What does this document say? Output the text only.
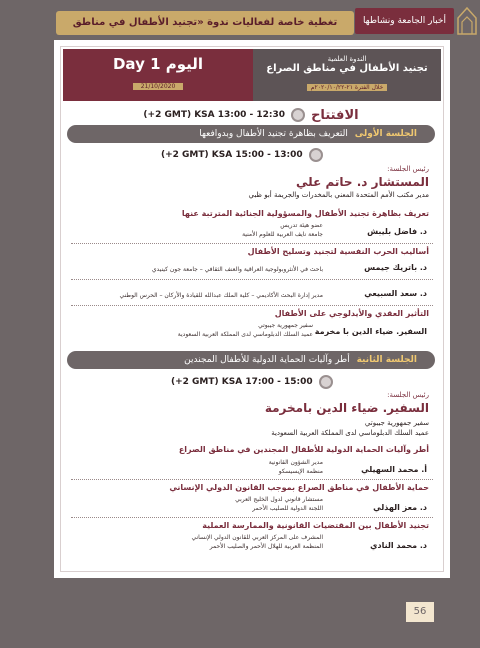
أخبار الجامعة ونشاطها
تغطية خاصة لفعاليات ندوة «تجنيد الأطفال في مناطق
الندوة العلمية
تجنيد الأطفال في مناطق الصراع
خلال الفترة ٢١-٢٠٢٠/١٠/٢٢م
اليوم Day 1
21/10/2020
الافتتاح
(+2 GMT) KSA 13:00 - 12:30
الجلسة الأولى التعريف بظاهرة تجنيد الأطفال وبدوافعها
(+2 GMT) KSA 15:00 - 13:00
رئيس الجلسة:
المستشار د. حاتم علي
مدير مكتب الأمم المتحدة المعني بالمخدرات والجريمة أبو ظبي
تعريف بظاهرة تجنيد الأطفال والمسؤولية الجنائية المترتبة عنها
د. فاضل بليبش
عضو هيئة تدريس
جامعة نايف العربية للعلوم الأمنية
أساليب الحرب النفسية لتجنيد وتسليح الأطفال
د. باتريك جيمس
باحث في الأنثروبولوجية العراقية والعنف الثقافي – جامعة جون كينيدي
د. سعد السبيعي
مدير إدارة البحث الأكاديمي – كلية الملك عبدالله للقيادة والأركان – الحرس الوطني
التأثير العقدي والأيدلوجي على الأطفال
السفير. ضياء الدين با مخرمة
سفير جمهورية جيبوتي
عميد السلك الدبلوماسي لدى المملكة العربية السعودية
الجلسة الثانية أطر وآليات الحماية الدولية للأطفال المجندين
(+2 GMT) KSA 17:00 - 15:00
رئيس الجلسة:
السفير. ضياء الدين بامخرمة
سفير جمهورية جيبوتي
عميد السلك الدبلوماسي لدى المملكة العربية السعودية
أطر وآليات الحماية الدولية للأطفال المجندين في مناطق الصراع
أ. محمد السهيلي
مدير الشؤون القانونية
منظمة الإيسيسكو
حماية الأطفال في مناطق الصراع بموجب القانون الدولي الإنساني
د. معز الهذلي
مستشار قانوني لدول الخليج العربي
اللجنة الدولية للصليب الأحمر
تجنيد الأطفال بين المقتضيات القانونية والممارسة العملية
د. محمد النادي
المشرف على المركز العربي للقانون الدولي الإنساني
المنظمة العربية للهلال الأحمر والصليب الأحمر
56
